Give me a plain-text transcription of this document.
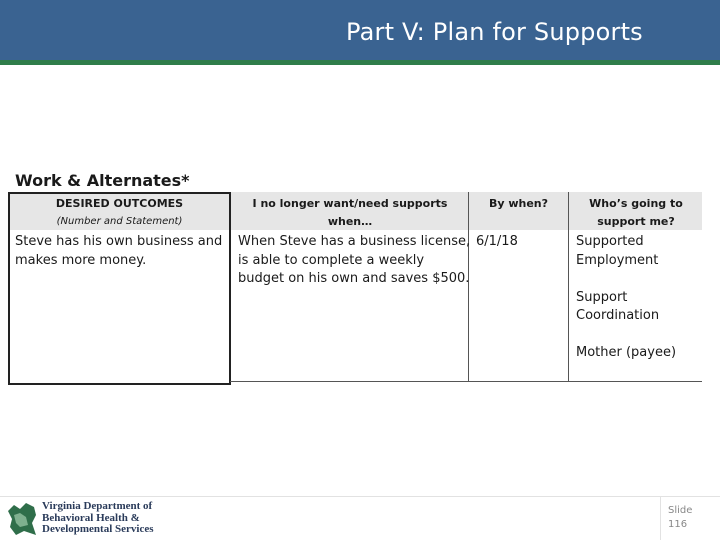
Part V: Plan for Supports
Work & Alternates*
DESIRED OUTCOMES
(Number and Statement)
I no longer want/need supports when…
By when?	Who’s going to
support me?
Steve has his own business and
makes more money.
When Steve has a business license,
is able to complete a weekly
budget on his own and saves $500.
6/1/18	Supported
Employment
Support
Coordination
Mother (payee)
Virginia Department of
Behavioral Health &
Developmental Services
Slide
116
